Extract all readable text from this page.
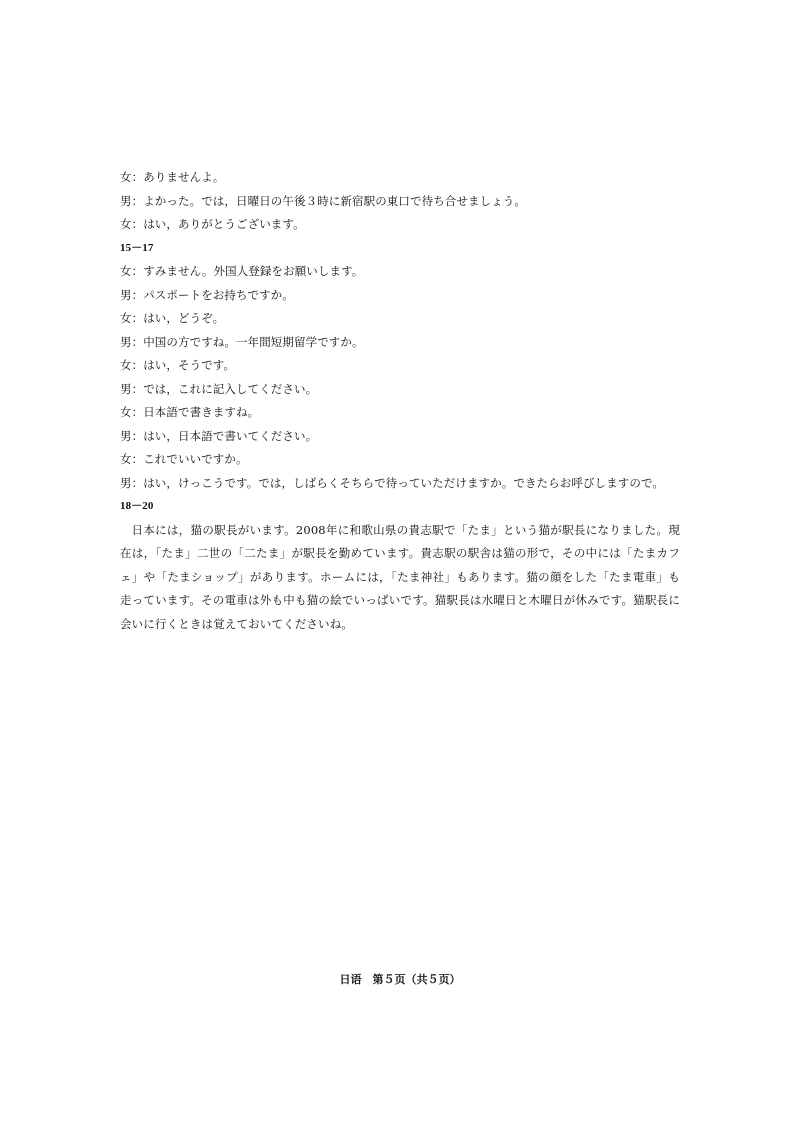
女：ありませんよ。
男：よかった。では，日曜日の午後３時に新宿駅の東口で待ち合せましょう。
女：はい，ありがとうございます。
15－17
女：すみません。外国人登録をお願いします。
男：パスポートをお持ちですか。
女：はい，どうぞ。
男：中国の方ですね。一年間短期留学ですか。
女：はい，そうです。
男：では，これに記入してください。
女：日本語で書きますね。
男：はい，日本語で書いてください。
女：これでいいですか。
男：はい，けっこうです。では，しばらくそちらで待っていただけますか。できたらお呼びしますので。
18－20

日本には，猫の駅長がいます。2008年に和歌山県の貴志駅で「たま」という猫が駅長になりました。現在は，「たま」二世の「二たま」が駅長を勤めています。貴志駅の駅舎は猫の形で，その中には「たまカフェ」や「たまショップ」があります。ホームには，「たま神社」もあります。猫の顔をした「たま電車」も走っています。その電車は外も中も猫の絵でいっぱいです。猫駅長は水曜日と木曜日が休みです。猫駅長に会いに行くときは覚えておいてくださいね。

日语　第５页（共５页）
